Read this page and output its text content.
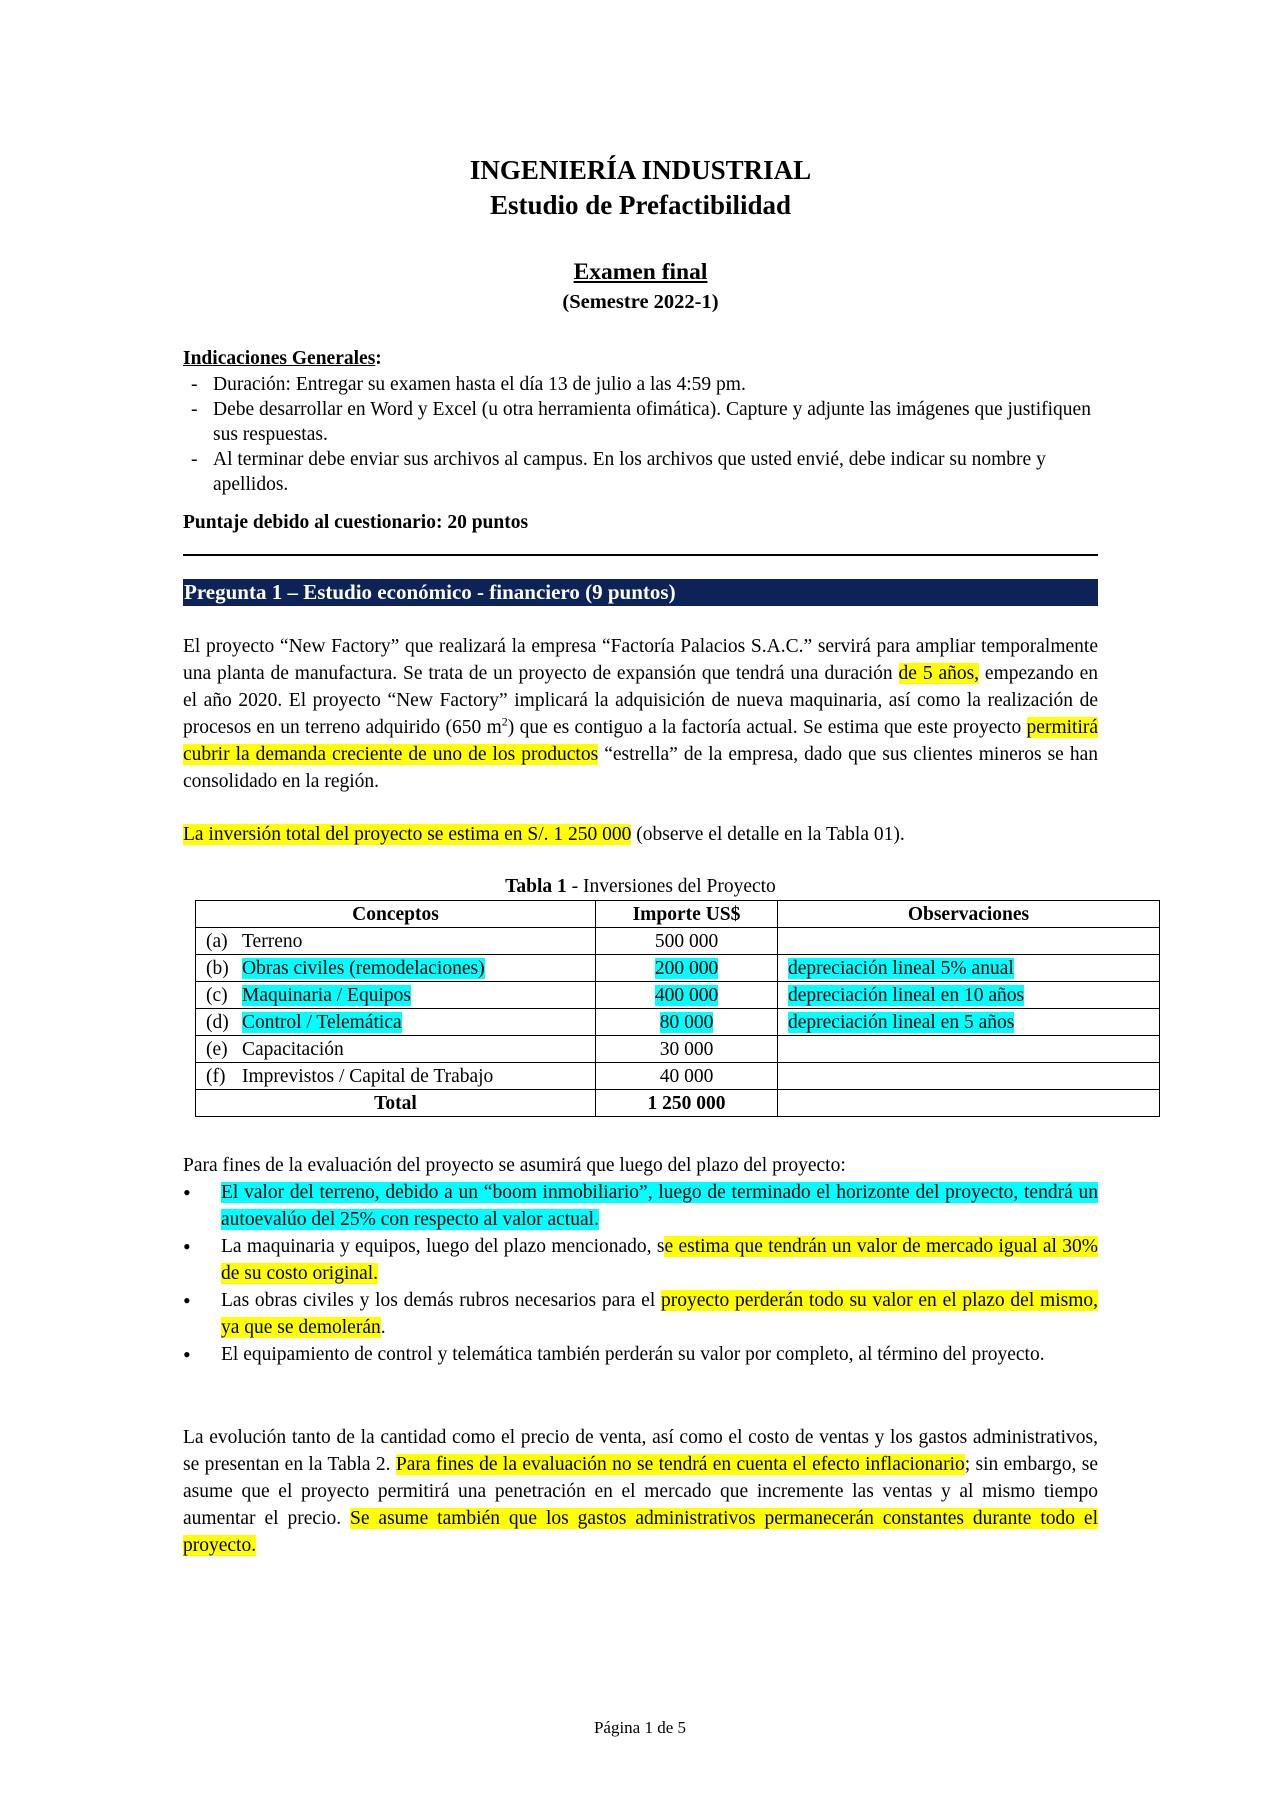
INGENIERÍA INDUSTRIAL
Estudio de Prefactibilidad
Examen final
(Semestre 2022-1)
Indicaciones Generales:
- Duración: Entregar su examen hasta el día 13 de julio a las 4:59 pm.
- Debe desarrollar en Word y Excel (u otra herramienta ofimática). Capture y adjunte las imágenes que justifiquen sus respuestas.
- Al terminar debe enviar sus archivos al campus. En los archivos que usted envié, debe indicar su nombre y apellidos.
Puntaje debido al cuestionario: 20 puntos
Pregunta 1 – Estudio económico - financiero (9 puntos)

El proyecto “New Factory” que realizará la empresa “Factoría Palacios S.A.C.” servirá para ampliar temporalmente una planta de manufactura. Se trata de un proyecto de expansión que tendrá una duración de 5 años, empezando en el año 2020. El proyecto “New Factory” implicará la adquisición de nueva maquinaria, así como la realización de procesos en un terreno adquirido (650 $m^2$) que es contiguo a la factoría actual. Se estima que este proyecto permitirá cubrir la demanda creciente de uno de los productos “estrella” de la empresa, dado que sus clientes mineros se han consolidado en la región.

La inversión total del proyecto se estima en S/. 1 250 000 (observe el detalle en la Tabla 01).

Tabla 1 - Inversiones del Proyecto
Conceptos	Importe US$	Observaciones
(a) Terreno	500 000	
(b) Obras civiles (remodelaciones)	200 000	depreciación lineal 5% anual
(c) Maquinaria / Equipos	400 000	depreciación lineal en 10 años
(d) Control / Telemática	80 000	depreciación lineal en 5 años
(e) Capacitación	30 000	
(f) Imprevistos / Capital de Trabajo	40 000	
Total	1 250 000	

Para fines de la evaluación del proyecto se asumirá que luego del plazo del proyecto:

• El valor del terreno, debido a un “boom inmobiliario”, luego de terminado el horizonte del proyecto, tendrá un autoevalúo del 25% con respecto al valor actual.
• La maquinaria y equipos, luego del plazo mencionado, se estima que tendrán un valor de mercado igual al 30% de su costo original.
• Las obras civiles y los demás rubros necesarios para el proyecto perderán todo su valor en el plazo del mismo, ya que se demolerán.
• El equipamiento de control y telemática también perderán su valor por completo, al término del proyecto.

La evolución tanto de la cantidad como el precio de venta, así como el costo de ventas y los gastos administrativos, se presentan en la Tabla 2. Para fines de la evaluación no se tendrá en cuenta el efecto inflacionario; sin embargo, se asume que el proyecto permitirá una penetración en el mercado que incremente las ventas y al mismo tiempo aumentar el precio. Se asume también que los gastos administrativos permanecerán constantes durante todo el proyecto.

Página 1 de 5
